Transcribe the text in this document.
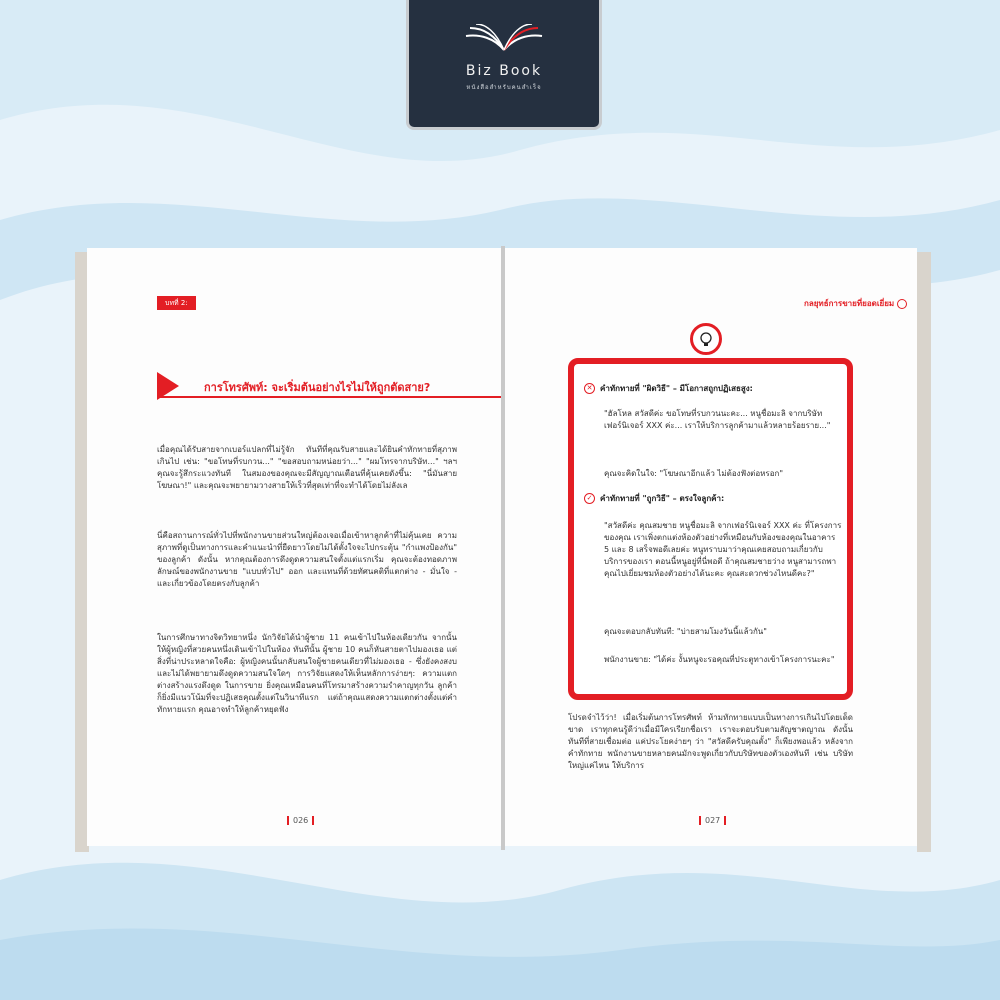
Biz Book
หนังสือสำหรับคนสำเร็จ
บทที่ 2:
การโทรศัพท์: จะเริ่มต้นอย่างไรไม่ให้ถูกตัดสาย?

เมื่อคุณได้รับสายจากเบอร์แปลกที่ไม่รู้จัก ทันทีที่คุณรับสายและได้ยินคำทักทายที่สุภาพเกินไป เช่น: "ขอโทษที่รบกวน..." "ขอสอบถามหน่อยว่า..." "ผมโทรจากบริษัท..." ฯลฯ คุณจะรู้สึกระแวงทันที ในสมองของคุณจะมีสัญญาณเตือนที่คุ้นเคยดังขึ้น: "นี่มันสายโฆษณา!" และคุณจะพยายามวางสายให้เร็วที่สุดเท่าที่จะทำได้โดยไม่ลังเล

นี่คือสถานการณ์ทั่วไปที่พนักงานขายส่วนใหญ่ต้องเจอเมื่อเข้าหาลูกค้าที่ไม่คุ้นเคย ความสุภาพที่ดูเป็นทางการและคำแนะนำที่ยืดยาวโดยไม่ได้ตั้งใจจะไปกระตุ้น "กำแพงป้องกัน" ของลูกค้า ดังนั้น หากคุณต้องการดึงดูดความสนใจตั้งแต่แรกเริ่ม คุณจะต้องทอดภาพลักษณ์ของพนักงานขาย "แบบทั่วไป" ออก และแทนที่ด้วยทัศนคติที่แตกต่าง - มั่นใจ - และเกี่ยวข้องโดยตรงกับลูกค้า

ในการศึกษาทางจิตวิทยาหนึ่ง นักวิจัยได้นำผู้ชาย 11 คนเข้าไปในห้องเดียวกัน จากนั้นให้ผู้หญิงที่สวยคนหนึ่งเดินเข้าไปในห้อง ทันทีนั้น ผู้ชาย 10 คนก็หันสายตาไปมองเธอ แต่สิ่งที่น่าประหลาดใจคือ: ผู้หญิงคนนั้นกลับสนใจผู้ชายคนเดียวที่ไม่มองเธอ - ซึ่งยังคงสงบและไม่ได้พยายามดึงดูดความสนใจใดๆ การวิจัยแสดงให้เห็นหลักการง่ายๆ: ความแตกต่างสร้างแรงดึงดูด ในการขาย ยิ่งคุณเหมือนคนที่โทรมาสร้างความรำคาญทุกวัน ลูกค้าก็ยิ่งมีแนวโน้มที่จะปฏิเสธคุณตั้งแต่ในวินาทีแรก แต่ถ้าคุณแสดงความแตกต่างตั้งแต่คำทักทายแรก คุณอาจทำให้ลูกค้าหยุดฟัง

026
กลยุทธ์การขายที่ยอดเยี่ยม
✕ คำทักทายที่ "ผิดวิธี" – มีโอกาสถูกปฏิเสธสูง:

"ฮัลโหล สวัสดีค่ะ ขอโทษที่รบกวนนะคะ... หนูชื่อมะลิ จากบริษัทเฟอร์นิเจอร์ XXX ค่ะ... เราให้บริการลูกค้ามาแล้วหลายร้อยราย..."

คุณจะคิดในใจ: "โฆษณาอีกแล้ว ไม่ต้องฟังต่อหรอก"

✓ คำทักทายที่ "ถูกวิธี" – ตรงใจลูกค้า:

"สวัสดีค่ะ คุณสมชาย หนูชื่อมะลิ จากเฟอร์นิเจอร์ XXX ค่ะ ที่โครงการของคุณ เราเพิ่งตกแต่งห้องตัวอย่างที่เหมือนกับห้องของคุณในอาคาร 5 และ 8 เสร็จพอดีเลยค่ะ หนูทราบมาว่าคุณเคยสอบถามเกี่ยวกับบริการของเรา ตอนนี้หนูอยู่ที่นี่พอดี ถ้าคุณสมชายว่าง หนูสามารถพาคุณไปเยี่ยมชมห้องตัวอย่างได้นะคะ คุณสะดวกช่วงไหนดีคะ?"

คุณจะตอบกลับทันที: "บ่ายสามโมงวันนี้แล้วกัน"

พนักงานขาย: "ได้ค่ะ งั้นหนูจะรอคุณที่ประตูทางเข้าโครงการนะคะ"

โปรดจำไว้ว่า! เมื่อเริ่มต้นการโทรศัพท์ ห้ามทักทายแบบเป็นทางการเกินไปโดยเด็ดขาด เราทุกคนรู้ดีว่าเมื่อมีใครเรียกชื่อเรา เราจะตอบรับตามสัญชาตญาณ ดังนั้น ทันทีที่สายเชื่อมต่อ แค่ประโยคง่ายๆ ว่า "สวัสดีครับคุณตั้ง" ก็เพียงพอแล้ว หลังจากคำทักทาย พนักงานขายหลายคนมักจะพูดเกี่ยวกับบริษัทของตัวเองทันที เช่น บริษัทใหญ่แค่ไหน ให้บริการ

027
